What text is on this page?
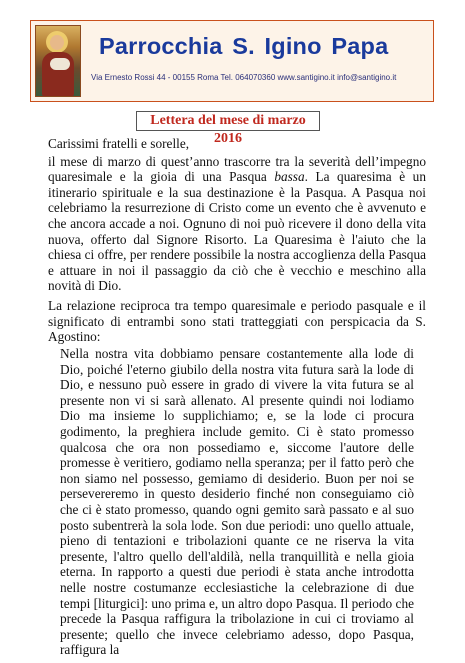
Parrocchia S. Igino Papa
Via Ernesto Rossi 44 - 00155 Roma Tel. 064070360 www.santigino.it info@santigino.it
Lettera del mese di marzo 2016

Carissimi fratelli e sorelle,

il mese di marzo di quest’anno trascorre tra la severità dell’impegno quaresimale e la gioia di una Pasqua bassa. La quaresima è un itinerario spirituale e la sua destinazione è la Pasqua. A Pasqua noi celebriamo la resurrezione di Cristo come un evento che è avvenuto e che ancora accade a noi. Ognuno di noi può ricevere il dono della vita nuova, offerto dal Signore Risorto. La Quaresima è l'aiuto che la chiesa ci offre, per rendere possibile la nostra accoglienza della Pasqua e attuare in noi il passaggio da ciò che è vecchio e meschino alla novità di Dio.

La relazione reciproca tra tempo quaresimale e periodo pasquale e il significato di entrambi sono stati tratteggiati con perspicacia da S. Agostino:

Nella nostra vita dobbiamo pensare costantemente alla lode di Dio, poiché l'eterno giubilo della nostra vita futura sarà la lode di Dio, e nessuno può essere in grado di vivere la vita futura se al presente non vi si sarà allenato. Al presente quindi noi lodiamo Dio ma insieme lo supplichiamo; e, se la lode ci procura godimento, la preghiera include gemito. Ci è stato promesso qualcosa che ora non possediamo e, siccome l'autore delle promesse è veritiero, godiamo nella speranza; per il fatto però che non siamo nel possesso, gemiamo di desiderio. Buon per noi se persevereremo in questo desiderio finché non conseguiamo ciò che ci è stato promesso, quando ogni gemito sarà passato e al suo posto subentrerà la sola lode. Son due periodi: uno quello attuale, pieno di tentazioni e tribolazioni quante ce ne riserva la vita presente, l'altro quello dell'aldilà, nella tranquillità e nella gioia eterna. In rapporto a questi due periodi è stata anche introdotta nelle nostre costumanze ecclesiastiche la celebrazione di due tempi [liturgici]: uno prima e, un altro dopo Pasqua. Il periodo che precede la Pasqua raffigura la tribolazione in cui ci troviamo al presente; quello che invece celebriamo adesso, dopo Pasqua, raffigura la
